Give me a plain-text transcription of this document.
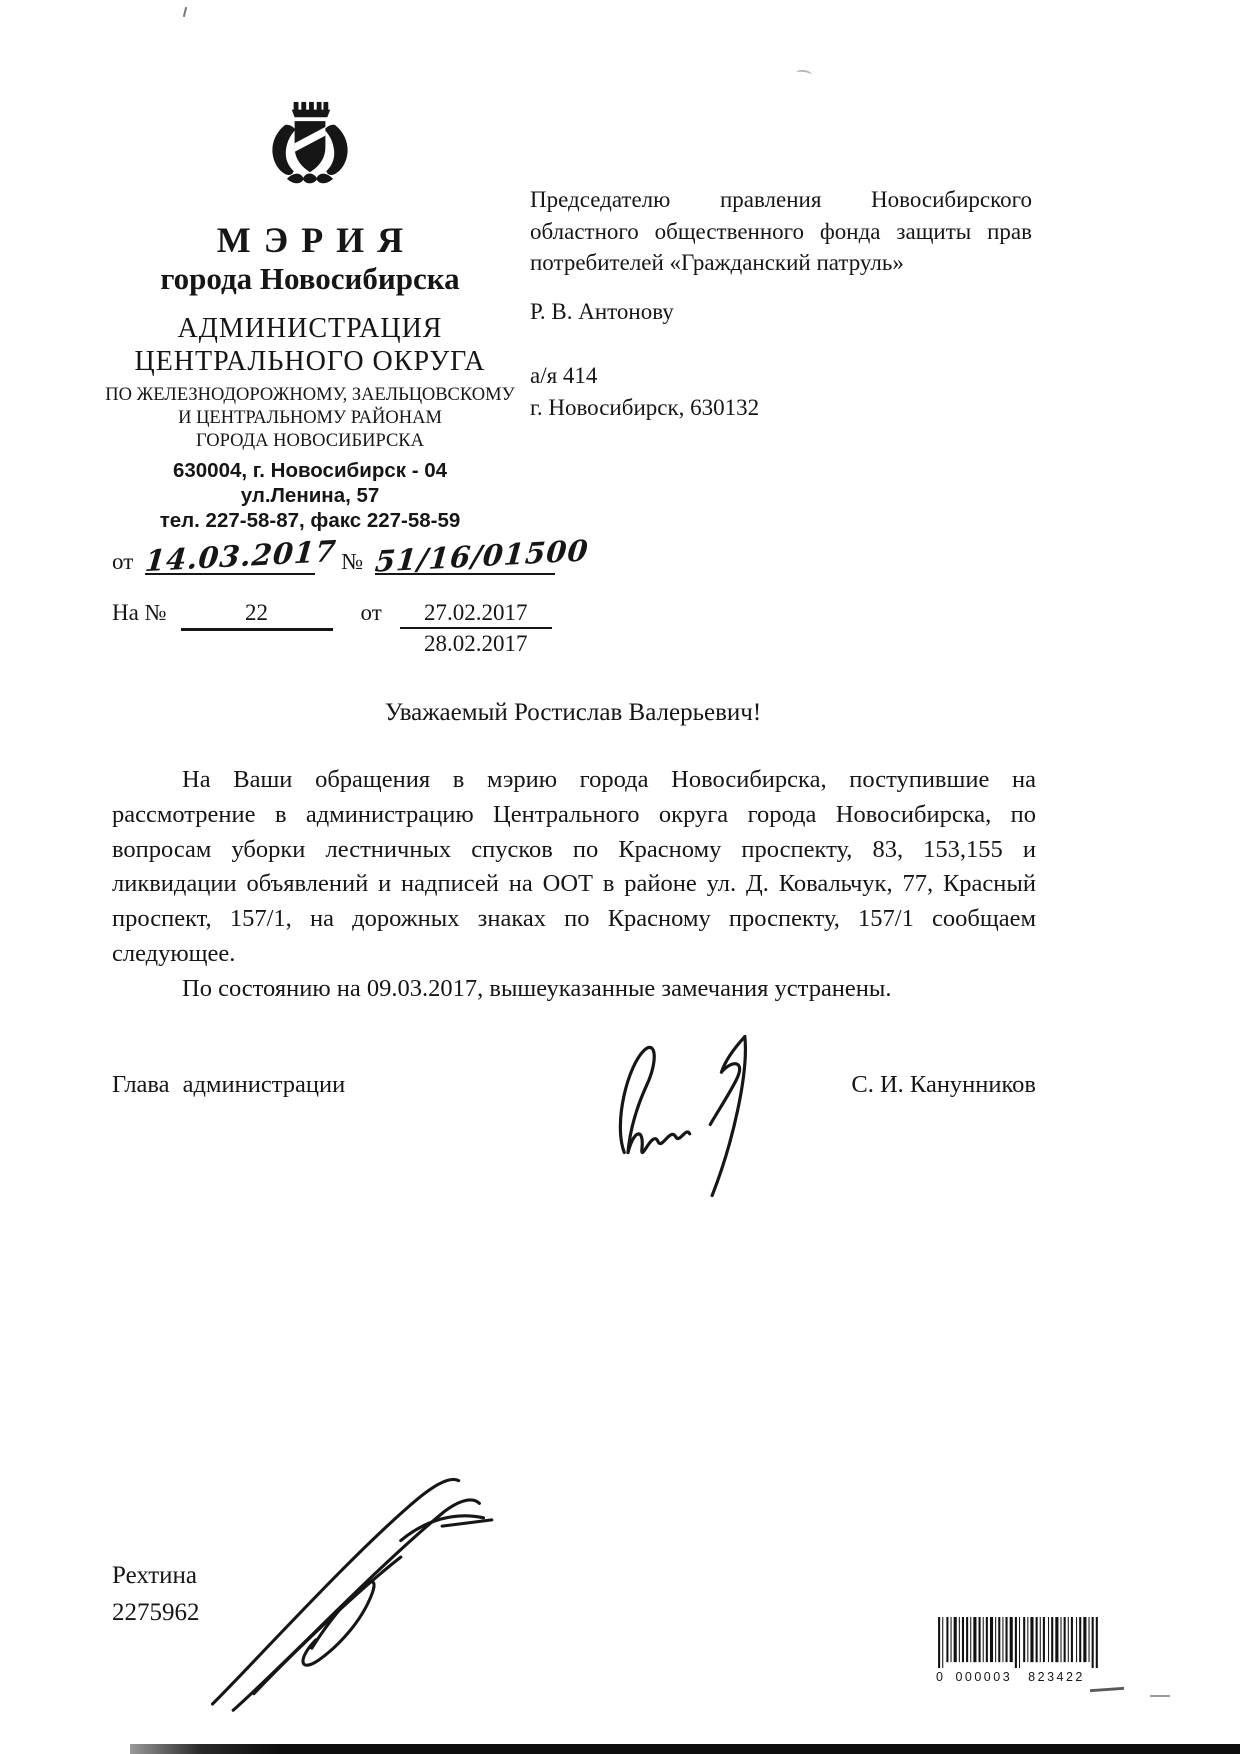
МЭРИЯ
города Новосибирска
АДМИНИСТРАЦИЯ
ЦЕНТРАЛЬНОГО ОКРУГА
ПО ЖЕЛЕЗНОДОРОЖНОМУ, ЗАЕЛЬЦОВСКОМУ
И ЦЕНТРАЛЬНОМУ РАЙОНАМ
ГОРОДА НОВОСИБИРСКА
630004, г. Новосибирск - 04
ул.Ленина, 57
тел. 227-58-87, факс 227-58-59

Председателю правления Новосибирского областного общественного фонда защиты прав потребителей «Гражданский патруль»

Р. В. Антонову
а/я 414
г. Новосибирск, 630132
от 14.03.2017 № 51/16/01500
На №	22	от	27.02.2017
28.02.2017
Уважаемый Ростислав Валерьевич!

На Ваши обращения в мэрию города Новосибирска, поступившие на рассмотрение в администрацию Центрального округа города Новосибирска, по вопросам уборки лестничных спусков по Красному проспекту, 83, 153,155 и ликвидации объявлений и надписей на ООТ в районе ул. Д. Ковальчук, 77, Красный проспект, 157/1, на дорожных знаках по Красному проспекту, 157/1 сообщаем следующее.

По состоянию на 09.03.2017, вышеуказанные замечания устранены.

Глава администрации	С. И. Канунников
Рехтина
2275962
0 000003 823422
